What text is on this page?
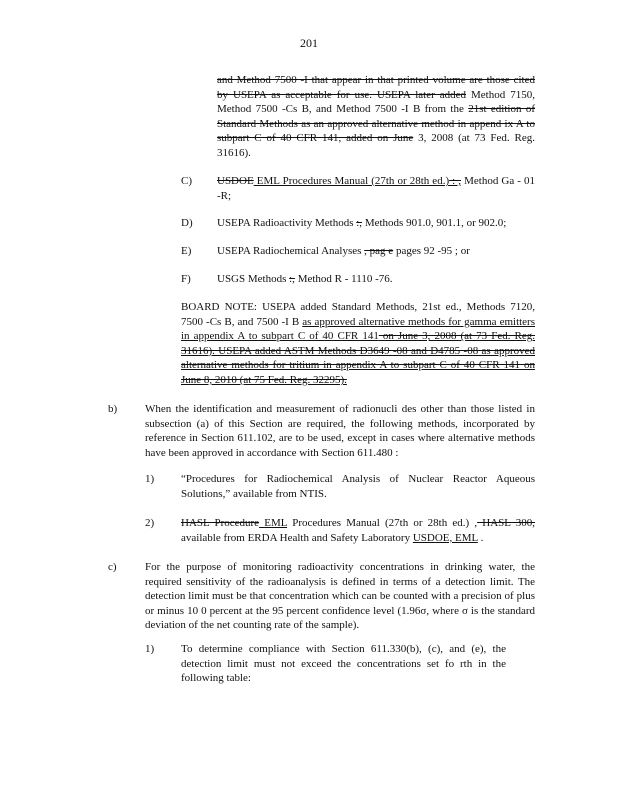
201
and Method 7500 -I that appear in that printed volume are those cited by USEPA as acceptable for use. USEPA later added Method 7150, Method 7500 -Cs B, and Method 7500 -I B from the 21st edition of Standard Methods as an approved alternative method in append ix A to subpart C of 40 CFR 141, added on June 3, 2008 (at 73 Fed. Reg. 31616).
C) USDOE EML Procedures Manual (27th or 28th ed.) : , Method Ga - 01 -R;
D) USEPA Radioactivity Methods :, Methods 901.0, 901.1, or 902.0;
E) USEPA Radiochemical Analyses , pag e pages 92 -95 ; or
F) USGS Methods :, Method R - 1110 -76.
BOARD NOTE: USEPA added Standard Methods, 21st ed., Methods 7120, 7500 -Cs B, and 7500 -I B as approved alternative methods for gamma emitters in appendix A to subpart C of 40 CFR 141 on June 3, 2008 (at 73 Fed. Reg. 31616). USEPA added ASTM Methods D3649 -08 and D4785 -08 as approved alternative methods for tritium in appendix A to subpart C of 40 CFR 141 on June 8, 2010 (at 75 Fed. Reg. 32295).
b)	When the identification and measurement of radionucli des other than those listed in subsection (a) of this Section are required, the following methods, incorporated by reference in Section 611.102, are to be used, except in cases where alternative methods have been approved in accordance with Section 611.480 :
1) “Procedures for Radiochemical Analysis of Nuclear Reactor Aqueous Solutions,” available from NTIS.
2) HASL Procedure EML Procedures Manual (27th or 28th ed.) , HASL 300, available from ERDA Health and Safety Laboratory USDOE, EML .
c)	For the purpose of monitoring radioactivity concentrations in drinking water, the required sensitivity of the radioanalysis is defined in terms of a detection limit. The detection limit must be that concentration which can be counted with a precision of plus or minus 10 0 percent at the 95 percent confidence level (1.96σ, where σ is the standard deviation of the net counting rate of the sample).
1) To determine compliance with Section 611.330(b), (c), and (e), the detection limit must not exceed the concentrations set fo rth in the following table:
